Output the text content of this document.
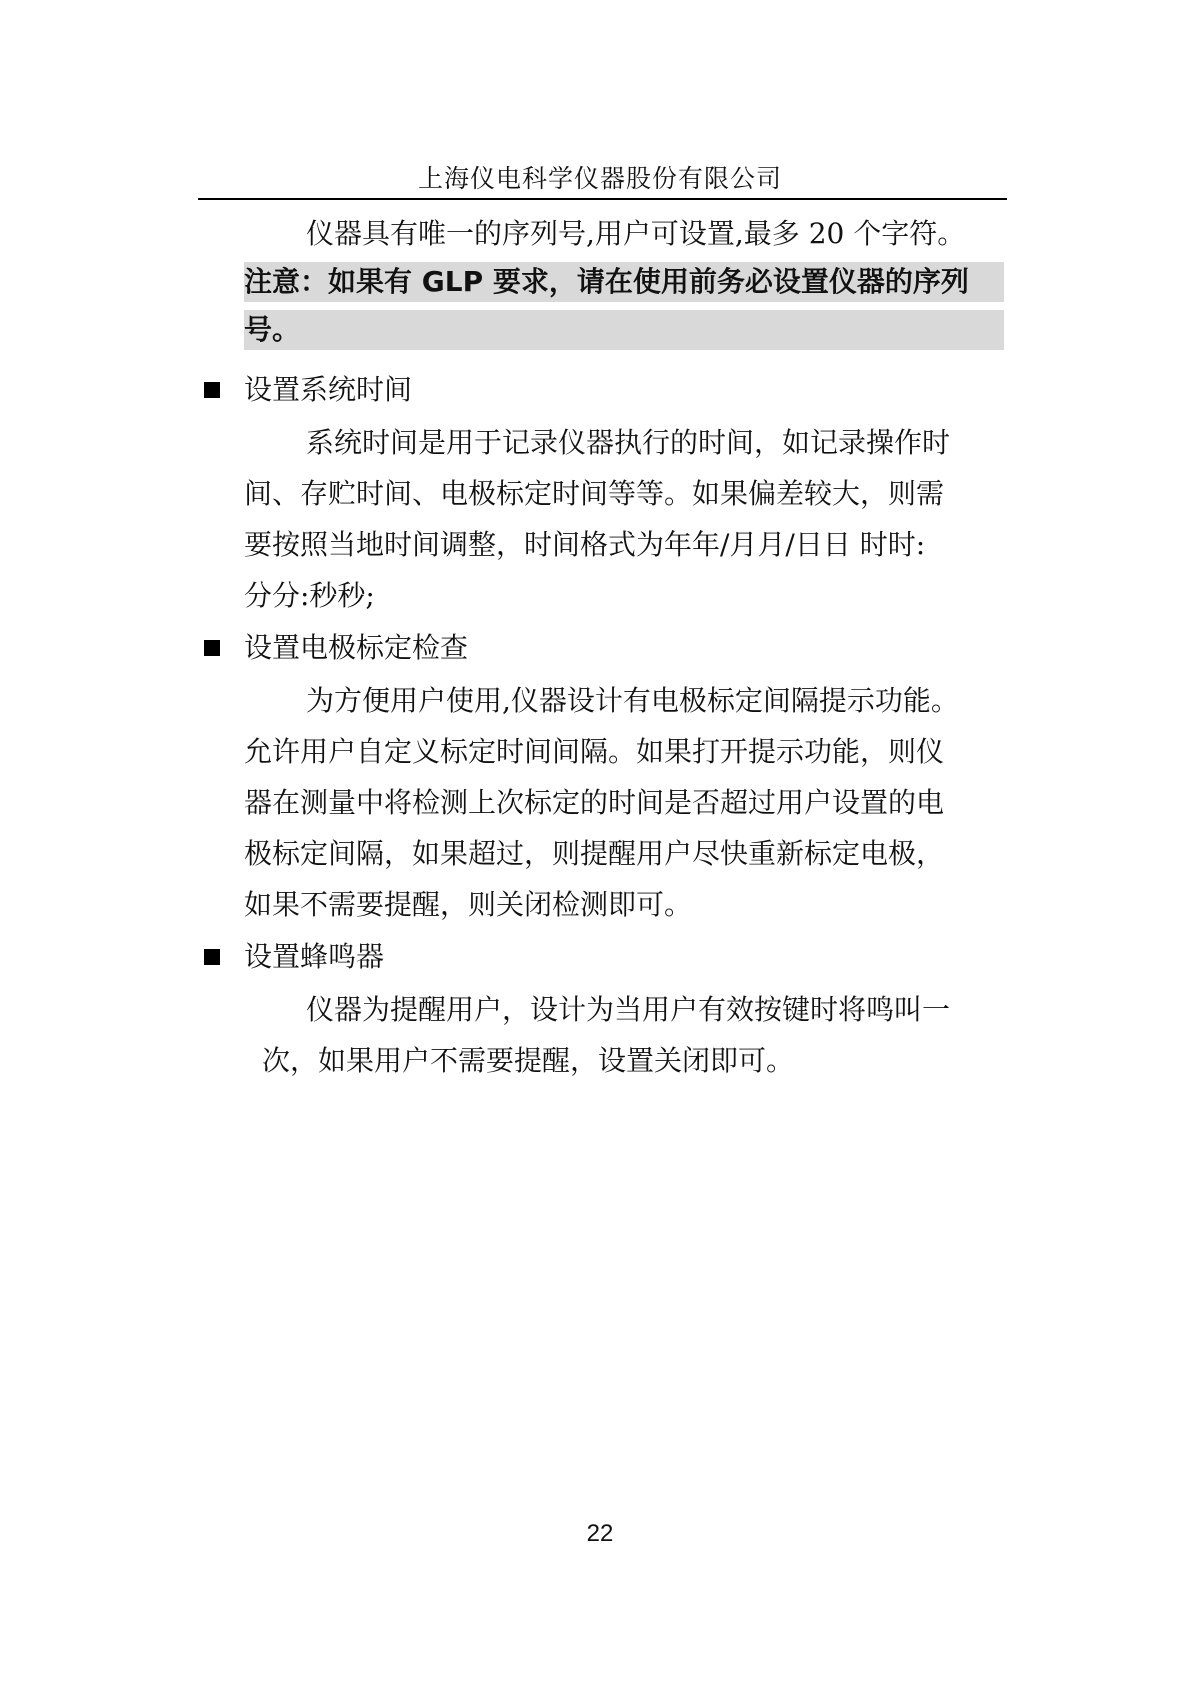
上海仪电科学仪器股份有限公司
仪器具有唯一的序列号,用户可设置,最多 20 个字符。
注意：如果有 GLP 要求，请在使用前务必设置仪器的序列
号。
设置系统时间
系统时间是用于记录仪器执行的时间，如记录操作时
间、存贮时间、电极标定时间等等。如果偏差较大，则需
要按照当地时间调整，时间格式为年年/月月/日日 时时:
分分:秒秒;
设置电极标定检查
为方便用户使用,仪器设计有电极标定间隔提示功能。
允许用户自定义标定时间间隔。如果打开提示功能，则仪
器在测量中将检测上次标定的时间是否超过用户设置的电
极标定间隔，如果超过，则提醒用户尽快重新标定电极，
如果不需要提醒，则关闭检测即可。
设置蜂鸣器
仪器为提醒用户，设计为当用户有效按键时将鸣叫一
次，如果用户不需要提醒，设置关闭即可。
22
